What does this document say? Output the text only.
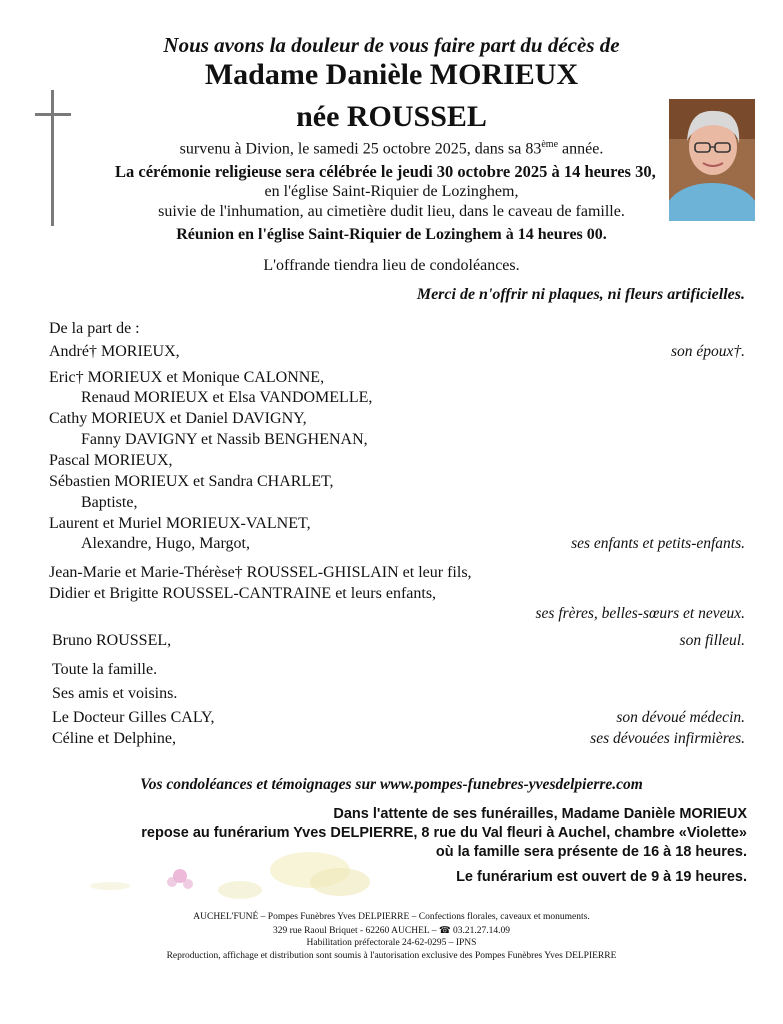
Nous avons la douleur de vous faire part du décès de
Madame Danièle MORIEUX
née ROUSSEL
survenu à Divion, le samedi 25 octobre 2025, dans sa 83ème année.
La cérémonie religieuse sera célébrée le jeudi 30 octobre 2025 à 14 heures 30,
en l'église Saint-Riquier de Lozinghem,
suivie de l'inhumation, au cimetière dudit lieu, dans le caveau de famille.
Réunion en l'église Saint-Riquier de Lozinghem à 14 heures 00.
L'offrande tiendra lieu de condoléances.
Merci de n'offrir ni plaques, ni fleurs artificielles.
De la part de :
André† MORIEUX,	son époux†.
Eric† MORIEUX et Monique CALONNE,
Renaud MORIEUX et Elsa VANDOMELLE,
Cathy MORIEUX et Daniel DAVIGNY,
Fanny DAVIGNY et Nassib BENGHENAN,
Pascal MORIEUX,
Sébastien MORIEUX et Sandra CHARLET,
Baptiste,
Laurent et Muriel MORIEUX-VALNET,
Alexandre, Hugo, Margot,	ses enfants et petits-enfants.
Jean-Marie et Marie-Thérèse† ROUSSEL-GHISLAIN et leur fils,
Didier et Brigitte ROUSSEL-CANTRAINE et leurs enfants,
ses frères, belles-sœurs et neveux.
Bruno ROUSSEL,	son filleul.
Toute la famille.
Ses amis et voisins.
Le Docteur Gilles CALY,	son dévoué médecin.
Céline et Delphine,	ses dévouées infirmières.
Vos condoléances et témoignages sur www.pompes-funebres-yvesdelpierre.com
Dans l'attente de ses funérailles, Madame Danièle MORIEUX
repose au funérarium Yves DELPIERRE, 8 rue du Val fleuri à Auchel, chambre «Violette»
où la famille sera présente de 16 à 18 heures.
Le funérarium est ouvert de 9 à 19 heures.
AUCHEL'FUNÉ – Pompes Funèbres Yves DELPIERRE – Confections florales, caveaux et monuments.
329 rue Raoul Briquet - 62260 AUCHEL – ☎ 03.21.27.14.09
Habilitation préfectorale 24-62-0295 – IPNS
Reproduction, affichage et distribution sont soumis à l'autorisation exclusive des Pompes Funèbres Yves DELPIERRE
